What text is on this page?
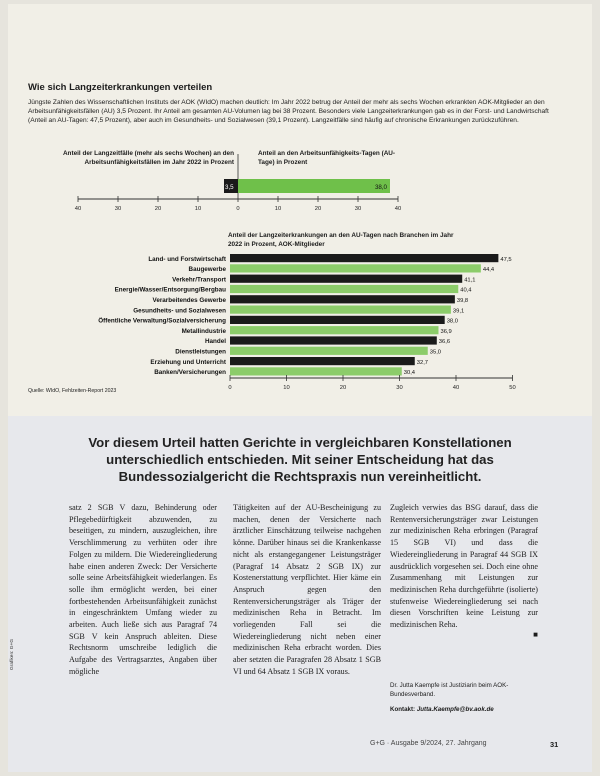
Wie sich Langzeiterkrankungen verteilen
Jüngste Zahlen des Wissenschaftlichen Instituts der AOK (WIdO) machen deutlich: Im Jahr 2022 betrug der Anteil der mehr als sechs Wochen erkrankten AOK-Mitglieder an den Arbeitsunfähigkeitsfällen (AU) 3,5 Prozent. Ihr Anteil am gesamten AU-Volumen lag bei 38 Prozent. Besonders viele Langzeiterkrankungen gab es in der Forst- und Landwirtschaft (Anteil an AU-Tagen: 47,5 Prozent), aber auch im Gesundheits- und Sozialwesen (39,1 Prozent). Langzeitfälle sind häufig auf chronische Erkrankungen zurückzuführen.
Anteil der Langzeitfälle (mehr als sechs Wochen) an den Arbeitsunfähigkeitsfällen im Jahr 2022 in Prozent
Anteil an den Arbeitsunfähigkeits-Tagen (AU-Tage) in Prozent
Anteil der Langzeiterkrankungen an den AU-Tagen nach Branchen im Jahr 2022 in Prozent, AOK-Mitglieder
3,5	38,0
40	30	20	10	0	10	20	30	40
Land- und Forstwirtschaft	47,5
Baugewerbe	44,4
Verkehr/Transport	41,1
Energie/Wasser/Entsorgung/Bergbau	40,4
Verarbeitendes Gewerbe	39,8
Gesundheits- und Sozialwesen	39,1
Öffentliche Verwaltung/Sozialversicherung	38,0
Metallindustrie	36,9
Handel	36,6
Dienstleistungen	35,0
Erziehung und Unterricht	32,7
Banken/Versicherungen	30,4
0	10	20	30	40	50
Quelle: WIdO, Fehlzeiten-Report 2023
Vor diesem Urteil hatten Gerichte in vergleichbaren Konstellationen unterschiedlich entschieden. Mit seiner Entscheidung hat das Bundessozialgericht die Rechtspraxis nun vereinheitlicht.
satz 2 SGB V dazu, Behinderung oder Pflegebedürftigkeit abzuwenden, zu beseitigen, zu mindern, auszugleichen, ihre Verschlimmerung zu verhüten oder ihre Folgen zu mildern. Die Wiedereingliederung habe einen anderen Zweck: Der Versicherte solle seine Arbeitsfähigkeit wiederlangen. Es solle ihm ermöglicht werden, bei einer fortbestehenden Arbeitsunfähigkeit zunächst in eingeschränktem Umfang wieder zu arbeiten. Auch ließe sich aus Paragraf 74 SGB V kein Anspruch ableiten. Diese Rechtsnorm umschreibe lediglich die Aufgabe des Vertragsarztes, Angaben über mögliche
Tätigkeiten auf der AU-Bescheinigung zu machen, denen der Versicherte nach ärztlicher Einschätzung teilweise nachgehen könne. Darüber hinaus sei die Krankenkasse nicht als erstangegangener Leistungsträger (Paragraf 14 Absatz 2 SGB IX) zur Kostenerstattung verpflichtet. Hier käme ein Anspruch gegen den Rentenversicherungsträger als Träger der medizinischen Reha in Betracht. Im vorliegenden Fall sei die Wiedereingliederung nicht neben einer medizinischen Reha erbracht worden. Dies aber setzten die Paragrafen 28 Absatz 1 SGB VI und 64 Absatz 1 SGB IX voraus.
Zugleich verwies das BSG darauf, dass die Rentenversicherungsträger zwar Leistungen zur medizinischen Reha erbringen (Paragraf 15 SGB VI) und dass die Wiedereingliederung in Paragraf 44 SGB IX ausdrücklich vorgesehen sei. Doch eine ohne Zusammenhang mit Leistungen zur medizinischen Reha durchgeführte (isolierte) stufenweise Wiedereingliederung sei nach diesen Vorschriften keine Leistung zur medizinischen Reha.
■
Dr. Jutta Kaempfe ist Justiziarin beim AOK-Bundesverband.
Kontakt: Jutta.Kaempfe@bv.aok.de
Grafiken: G+G
G+G · Ausgabe 9/2024, 27. Jahrgang	31
